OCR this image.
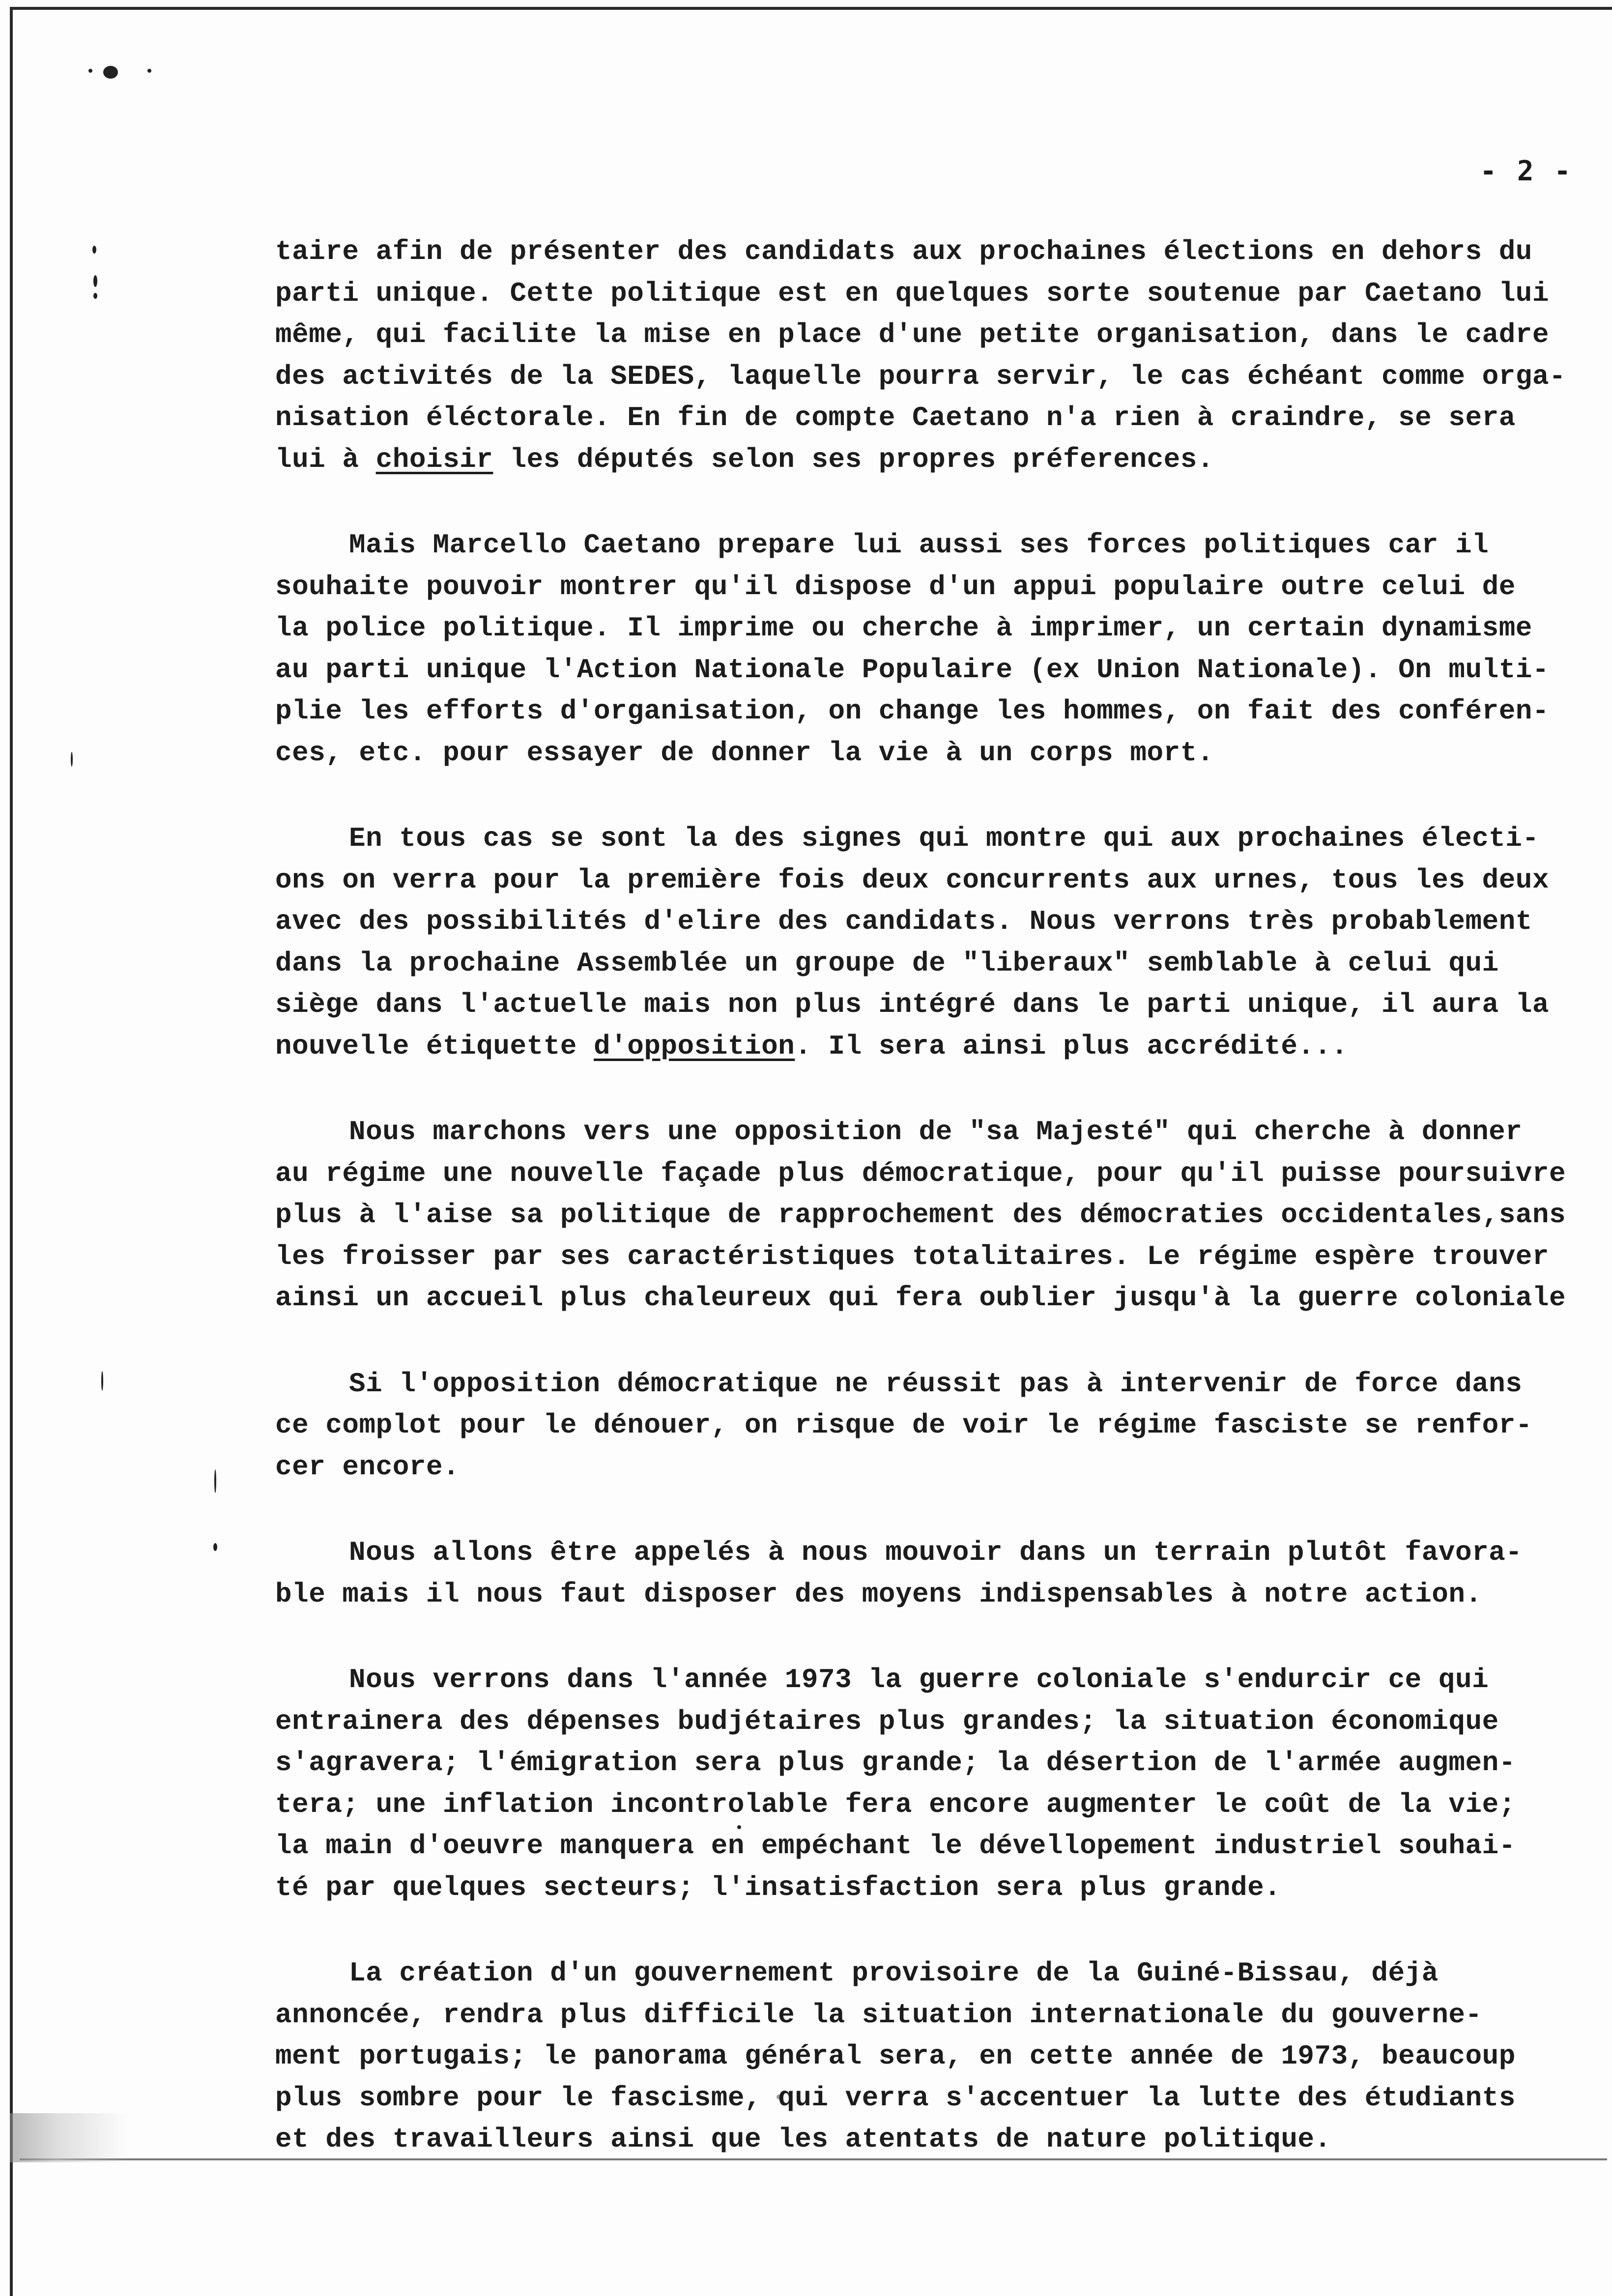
- 2 -

taire afin de présenter des candidats aux prochaines élections en dehors du
parti unique. Cette politique est en quelques sorte soutenue par Caetano lui
même, qui facilite la mise en place d'une petite organisation, dans le cadre
des activités de la SEDES, laquelle pourra servir, le cas échéant comme orga-
nisation éléctorale. En fin de compte Caetano n'a rien à craindre, se sera
lui à choisir les députés selon ses propres préferences.

Mais Marcello Caetano prepare lui aussi ses forces politiques car il
souhaite pouvoir montrer qu'il dispose d'un appui populaire outre celui de
la police politique. Il imprime ou cherche à imprimer, un certain dynamisme
au parti unique l'Action Nationale Populaire (ex Union Nationale). On multi-
plie les efforts d'organisation, on change les hommes, on fait des conféren-
ces, etc. pour essayer de donner la vie à un corps mort.

En tous cas se sont la des signes qui montre qui aux prochaines électi-
ons on verra pour la première fois deux concurrents aux urnes, tous les deux
avec des possibilités d'elire des candidats. Nous verrons très probablement
dans la prochaine Assemblée un groupe de "liberaux" semblable à celui qui
siège dans l'actuelle mais non plus intégré dans le parti unique, il aura la
nouvelle étiquette d'opposition. Il sera ainsi plus accrédité...

Nous marchons vers une opposition de "sa Majesté" qui cherche à donner
au régime une nouvelle façade plus démocratique, pour qu'il puisse poursuivre
plus à l'aise sa politique de rapprochement des démocraties occidentales,sans
les froisser par ses caractéristiques totalitaires. Le régime espère trouver
ainsi un accueil plus chaleureux qui fera oublier jusqu'à la guerre coloniale

Si l'opposition démocratique ne réussit pas à intervenir de force dans
ce complot pour le dénouer, on risque de voir le régime fasciste se renfor-
cer encore.

Nous allons être appelés à nous mouvoir dans un terrain plutôt favora-
ble mais il nous faut disposer des moyens indispensables à notre action.

Nous verrons dans l'année 1973 la guerre coloniale s'endurcir ce qui
entrainera des dépenses budjétaires plus grandes; la situation économique
s'agravera; l'émigration sera plus grande; la désertion de l'armée augmen-
tera; une inflation incontrolable fera encore augmenter le coût de la vie;
la main d'oeuvre manquera en empéchant le dévellopement industriel souhai-
té par quelques secteurs; l'insatisfaction sera plus grande.

La création d'un gouvernement provisoire de la Guiné-Bissau, déjà
annoncée, rendra plus difficile la situation internationale du gouverne-
ment portugais; le panorama général sera, en cette année de 1973, beaucoup
plus sombre pour le fascisme, qui verra s'accentuer la lutte des étudiants
et des travailleurs ainsi que les atentats de nature politique.
